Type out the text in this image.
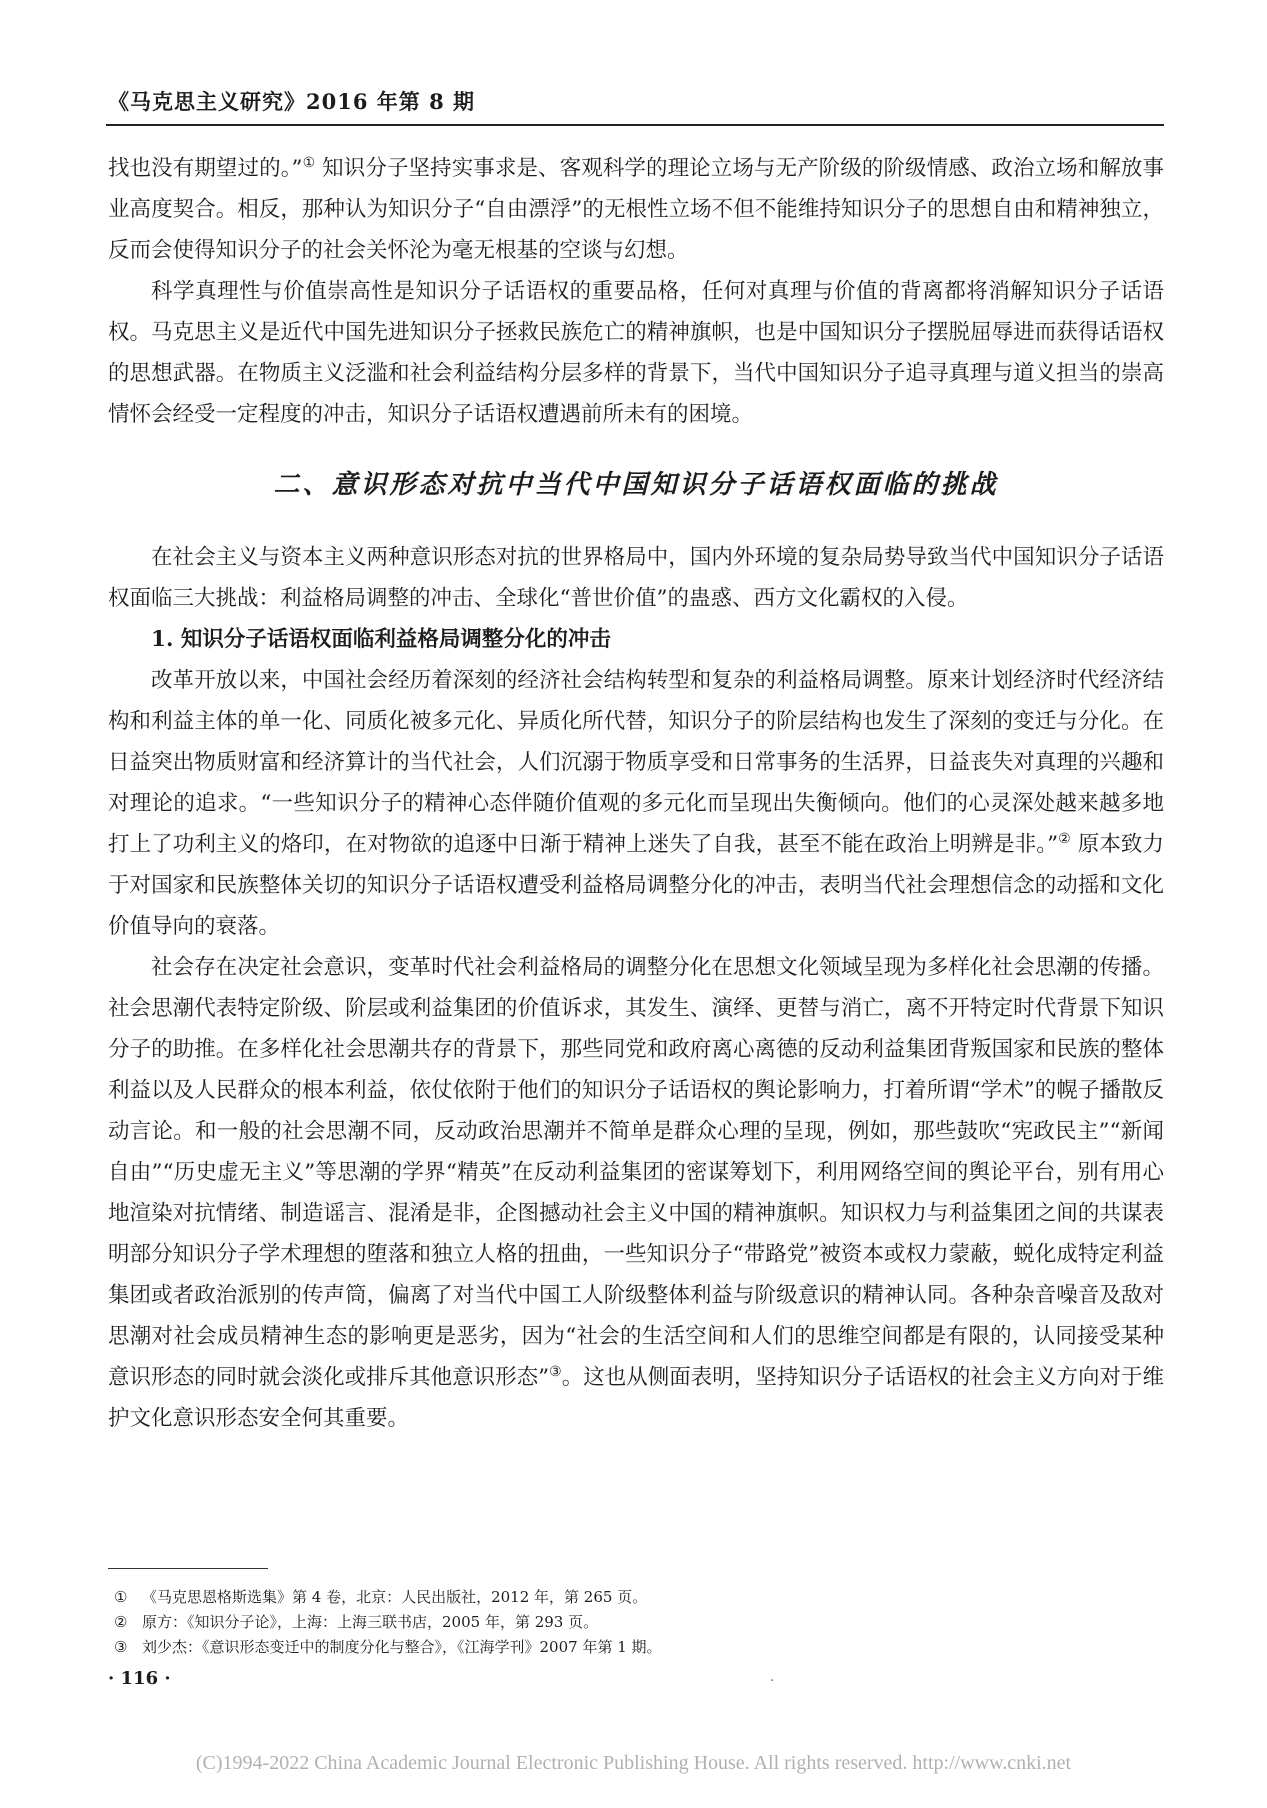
《马克思主义研究》2016 年第 8 期

找也没有期望过的。”① 知识分子坚持实事求是、客观科学的理论立场与无产阶级的阶级情感、政治立场和解放事业高度契合。相反，那种认为知识分子“自由漂浮”的无根性立场不但不能维持知识分子的思想自由和精神独立，反而会使得知识分子的社会关怀沦为毫无根基的空谈与幻想。

科学真理性与价值崇高性是知识分子话语权的重要品格，任何对真理与价值的背离都将消解知识分子话语权。马克思主义是近代中国先进知识分子拯救民族危亡的精神旗帜，也是中国知识分子摆脱屈辱进而获得话语权的思想武器。在物质主义泛滥和社会利益结构分层多样的背景下，当代中国知识分子追寻真理与道义担当的崇高情怀会经受一定程度的冲击，知识分子话语权遭遇前所未有的困境。

二、意识形态对抗中当代中国知识分子话语权面临的挑战

在社会主义与资本主义两种意识形态对抗的世界格局中，国内外环境的复杂局势导致当代中国知识分子话语权面临三大挑战：利益格局调整的冲击、全球化“普世价值”的蛊惑、西方文化霸权的入侵。

1. 知识分子话语权面临利益格局调整分化的冲击

改革开放以来，中国社会经历着深刻的经济社会结构转型和复杂的利益格局调整。原来计划经济时代经济结构和利益主体的单一化、同质化被多元化、异质化所代替，知识分子的阶层结构也发生了深刻的变迁与分化。在日益突出物质财富和经济算计的当代社会，人们沉溺于物质享受和日常事务的生活界，日益丧失对真理的兴趣和对理论的追求。“一些知识分子的精神心态伴随价值观的多元化而呈现出失衡倾向。他们的心灵深处越来越多地打上了功利主义的烙印，在对物欲的追逐中日渐于精神上迷失了自我，甚至不能在政治上明辨是非。”② 原本致力于对国家和民族整体关切的知识分子话语权遭受利益格局调整分化的冲击，表明当代社会理想信念的动摇和文化价值导向的衰落。

社会存在决定社会意识，变革时代社会利益格局的调整分化在思想文化领域呈现为多样化社会思潮的传播。社会思潮代表特定阶级、阶层或利益集团的价值诉求，其发生、演绎、更替与消亡，离不开特定时代背景下知识分子的助推。在多样化社会思潮共存的背景下，那些同党和政府离心离德的反动利益集团背叛国家和民族的整体利益以及人民群众的根本利益，依仗依附于他们的知识分子话语权的舆论影响力，打着所谓“学术”的幌子播散反动言论。和一般的社会思潮不同，反动政治思潮并不简单是群众心理的呈现，例如，那些鼓吹“宪政民主”“新闻自由”“历史虚无主义”等思潮的学界“精英”在反动利益集团的密谋筹划下，利用网络空间的舆论平台，别有用心地渲染对抗情绪、制造谣言、混淆是非，企图撼动社会主义中国的精神旗帜。知识权力与利益集团之间的共谋表明部分知识分子学术理想的堕落和独立人格的扭曲，一些知识分子“带路党”被资本或权力蒙蔽，蜕化成特定利益集团或者政治派别的传声筒，偏离了对当代中国工人阶级整体利益与阶级意识的精神认同。各种杂音噪音及敌对思潮对社会成员精神生态的影响更是恶劣，因为“社会的生活空间和人们的思维空间都是有限的，认同接受某种意识形态的同时就会淡化或排斥其他意识形态”③。这也从侧面表明，坚持知识分子话语权的社会主义方向对于维护文化意识形态安全何其重要。

① 《马克思恩格斯选集》第 4 卷，北京：人民出版社，2012 年，第 265 页。

② 原方：《知识分子论》，上海：上海三联书店，2005 年，第 293 页。

③ 刘少杰：《意识形态变迁中的制度分化与整合》，《江海学刊》2007 年第 1 期。

· 116 ·	·
(C)1994-2022 China Academic Journal Electronic Publishing House. All rights reserved. http://www.cnki.net
